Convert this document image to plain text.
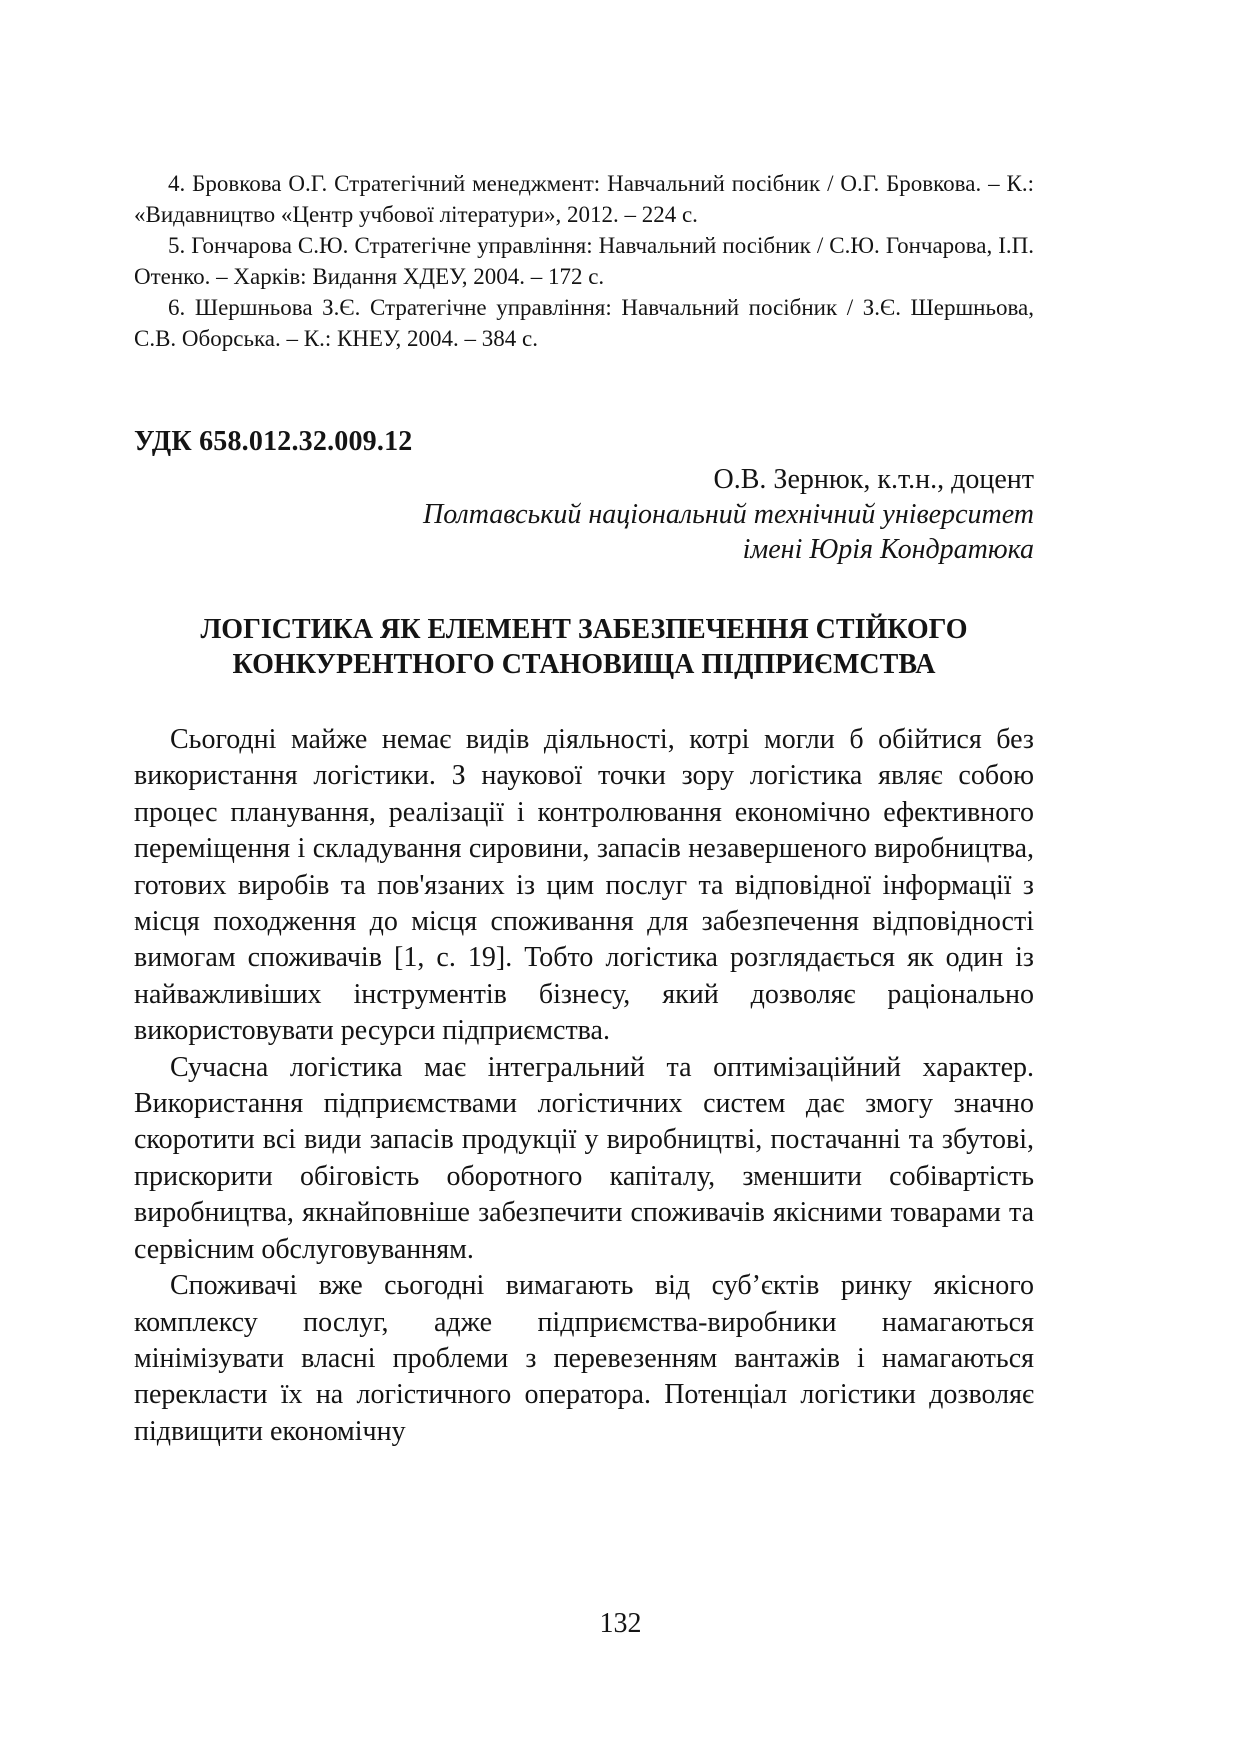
4. Бровкова О.Г. Стратегічний менеджмент: Навчальний посібник / О.Г. Бровкова. – К.: «Видавництво «Центр учбової літератури», 2012. – 224 с.

5. Гончарова С.Ю. Стратегічне управління: Навчальний посібник / С.Ю. Гончарова, І.П. Отенко. – Харків: Видання ХДЕУ, 2004. – 172 с.

6. Шершньова З.Є. Стратегічне управління: Навчальний посібник / З.Є. Шершньова, С.В. Оборська. – К.: КНЕУ, 2004. – 384 с.

УДК 658.012.32.009.12

О.В. Зернюк, к.т.н., доцент
Полтавський національний технічний університет
імені Юрія Кондратюка
ЛОГІСТИКА ЯК ЕЛЕМЕНТ ЗАБЕЗПЕЧЕННЯ СТІЙКОГО
КОНКУРЕНТНОГО СТАНОВИЩА ПІДПРИЄМСТВА

Сьогодні майже немає видів діяльності, котрі могли б обійтися без використання логістики. З наукової точки зору логістика являє собою процес планування, реалізації і контролювання економічно ефективного переміщення і складування сировини, запасів незавершеного виробництва, готових виробів та пов'язаних із цим послуг та відповідної інформації з місця походження до місця споживання для забезпечення відповідності вимогам споживачів [1, с. 19]. Тобто логістика розглядається як один із найважливіших інструментів бізнесу, який дозволяє раціонально використовувати ресурси підприємства.

Сучасна логістика має інтегральний та оптимізаційний характер. Використання підприємствами логістичних систем дає змогу значно скоротити всі види запасів продукції у виробництві, постачанні та збутові, прискорити обіговість оборотного капіталу, зменшити собівартість виробництва, якнайповніше забезпечити споживачів якісними товарами та сервісним обслуговуванням.

Споживачі вже сьогодні вимагають від суб’єктів ринку якісного комплексу послуг, адже підприємства-виробники намагаються мінімізувати власні проблеми з перевезенням вантажів і намагаються перекласти їх на логістичного оператора. Потенціал логістики дозволяє підвищити економічну

132
